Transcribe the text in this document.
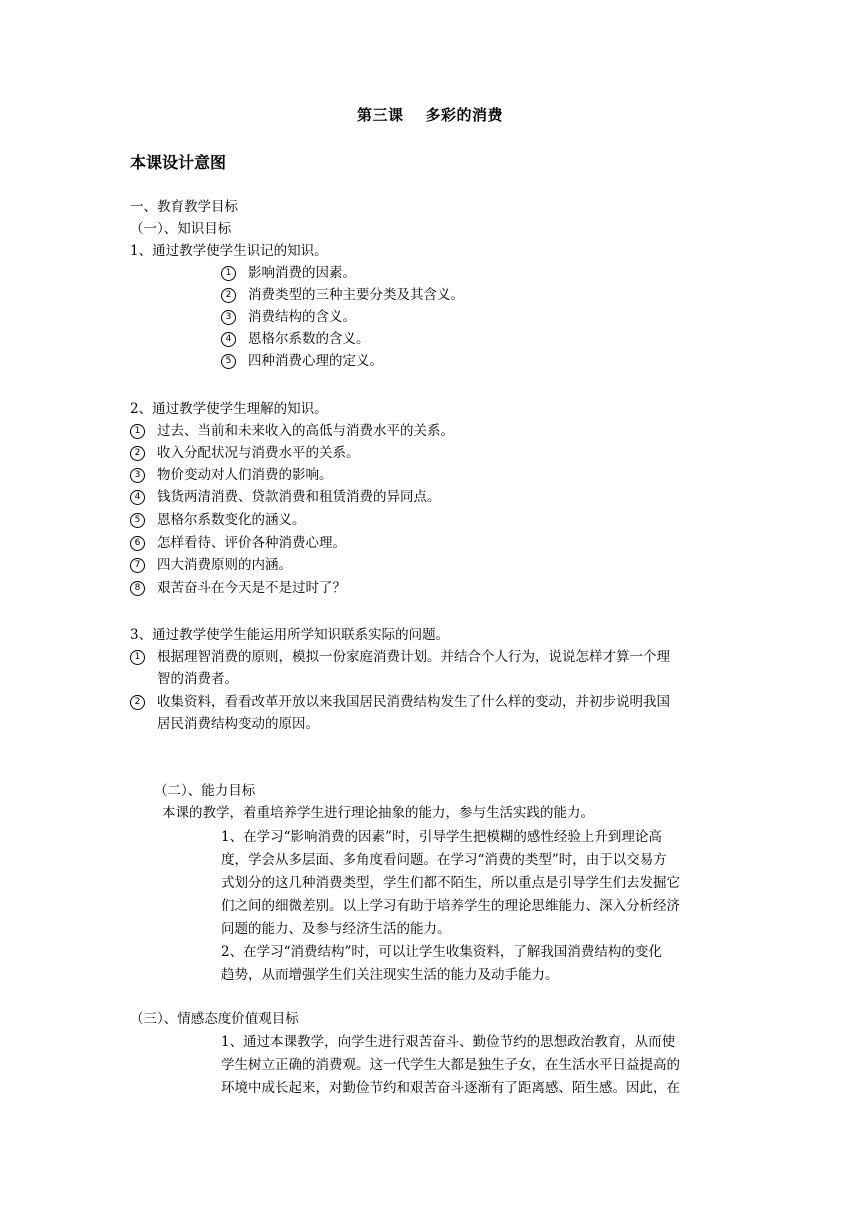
第三课 多彩的消费
本课设计意图
一、教育教学目标
（一）、知识目标
1、通过教学使学生识记的知识。
1	影响消费的因素。
2	消费类型的三种主要分类及其含义。
3	消费结构的含义。
4	恩格尔系数的含义。
5	四种消费心理的定义。
2、通过教学使学生理解的知识。
1	过去、当前和未来收入的高低与消费水平的关系。
2	收入分配状况与消费水平的关系。
3	物价变动对人们消费的影响。
4	钱货两清消费、贷款消费和租赁消费的异同点。
5	恩格尔系数变化的涵义。
6	怎样看待、评价各种消费心理。
7	四大消费原则的内涵。
8	艰苦奋斗在今天是不是过时了？
3、通过教学使学生能运用所学知识联系实际的问题。
1	根据理智消费的原则，模拟一份家庭消费计划。并结合个人行为，说说怎样才算一个理
智的消费者。
2	收集资料，看看改革开放以来我国居民消费结构发生了什么样的变动，并初步说明我国
居民消费结构变动的原因。
（二）、能力目标
本课的教学，着重培养学生进行理论抽象的能力，参与生活实践的能力。
1、在学习“影响消费的因素”时，引导学生把模糊的感性经验上升到理论高
度，学会从多层面、多角度看问题。在学习“消费的类型”时，由于以交易方
式划分的这几种消费类型，学生们都不陌生，所以重点是引导学生们去发掘它
们之间的细微差别。以上学习有助于培养学生的理论思维能力、深入分析经济
问题的能力、及参与经济生活的能力。
2、在学习“消费结构”时，可以让学生收集资料，了解我国消费结构的变化
趋势，从而增强学生们关注现实生活的能力及动手能力。
（三）、情感态度价值观目标
1、通过本课教学，向学生进行艰苦奋斗、勤俭节约的思想政治教育，从而使
学生树立正确的消费观。这一代学生大都是独生子女，在生活水平日益提高的
环境中成长起来，对勤俭节约和艰苦奋斗逐渐有了距离感、陌生感。因此，在
